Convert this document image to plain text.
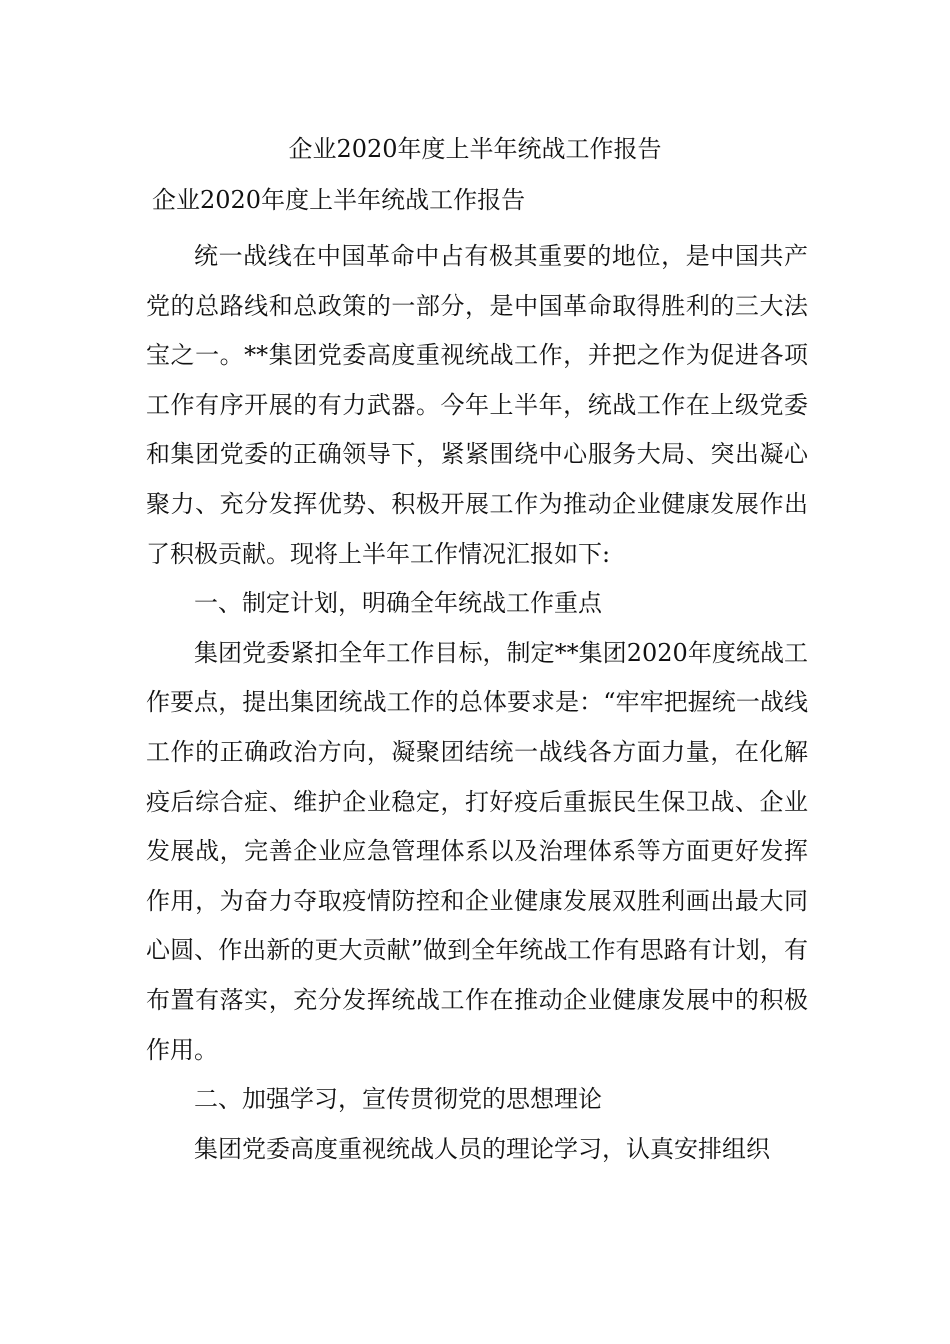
企业2020年度上半年统战工作报告
企业2020年度上半年统战工作报告

统一战线在中国革命中占有极其重要的地位，是中国共产党的总路线和总政策的一部分，是中国革命取得胜利的三大法宝之一。**集团党委高度重视统战工作，并把之作为促进各项工作有序开展的有力武器。今年上半年，统战工作在上级党委和集团党委的正确领导下，紧紧围绕中心服务大局、突出凝心聚力、充分发挥优势、积极开展工作为推动企业健康发展作出了积极贡献。现将上半年工作情况汇报如下:

一、制定计划，明确全年统战工作重点

集团党委紧扣全年工作目标，制定**集团2020年度统战工作要点，提出集团统战工作的总体要求是：“牢牢把握统一战线工作的正确政治方向，凝聚团结统一战线各方面力量，在化解疫后综合症、维护企业稳定，打好疫后重振民生保卫战、企业发展战，完善企业应急管理体系以及治理体系等方面更好发挥作用，为奋力夺取疫情防控和企业健康发展双胜利画出最大同心圆、作出新的更大贡献”做到全年统战工作有思路有计划，有布置有落实，充分发挥统战工作在推动企业健康发展中的积极作用。

二、加强学习，宣传贯彻党的思想理论

集团党委高度重视统战人员的理论学习，认真安排组织
